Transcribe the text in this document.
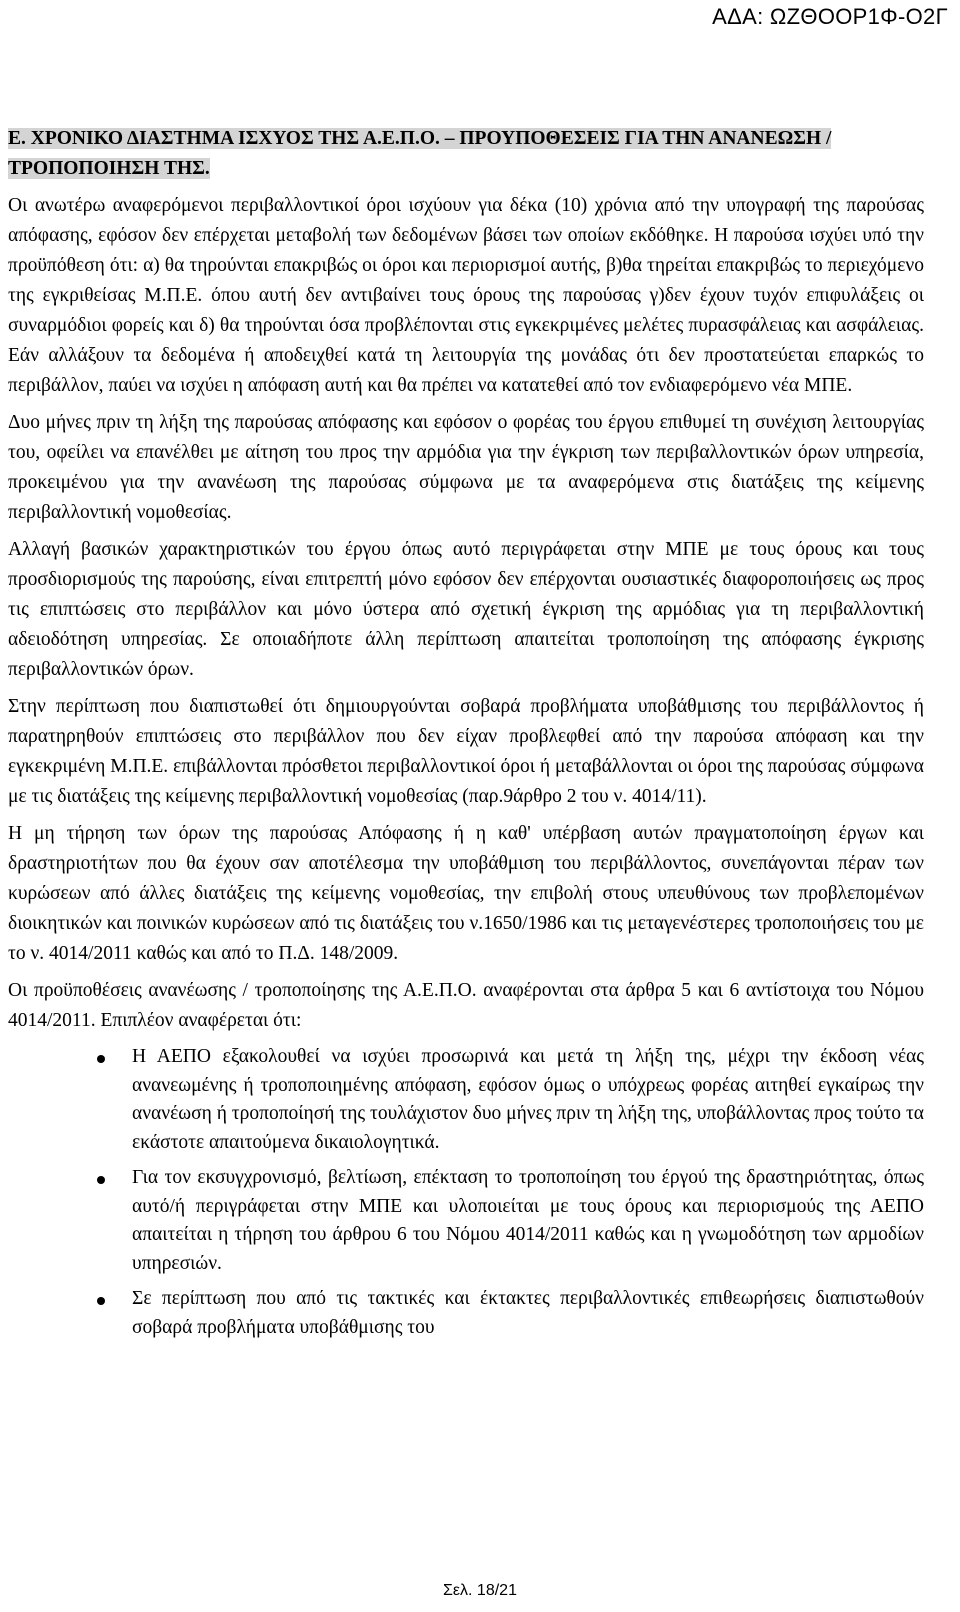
ΑΔΑ: ΩΖΘΟΟΡ1Φ-Ο2Γ

Ε. ΧΡΟΝΙΚΟ ΔΙΑΣΤΗΜΑ ΙΣΧΥΟΣ ΤΗΣ Α.Ε.Π.Ο. – ΠΡΟΥΠΟΘΕΣΕΙΣ ΓΙΑ ΤΗΝ ΑΝΑΝΕΩΣΗ /ΤΡΟΠΟΠΟΙΗΣΗ ΤΗΣ.

Οι ανωτέρω αναφερόμενοι περιβαλλοντικοί όροι ισχύουν για δέκα (10) χρόνια από την υπογραφή της παρούσας απόφασης, εφόσον δεν επέρχεται μεταβολή των δεδομένων βάσει των οποίων εκδόθηκε. Η παρούσα ισχύει υπό την προϋπόθεση ότι: α) θα τηρούνται επακριβώς οι όροι και περιορισμοί αυτής, β)θα τηρείται επακριβώς το περιεχόμενο της εγκριθείσας Μ.Π.Ε. όπου αυτή δεν αντιβαίνει τους όρους της παρούσας γ)δεν έχουν τυχόν επιφυλάξεις οι συναρμόδιοι φορείς και δ) θα τηρούνται όσα προβλέπονται στις εγκεκριμένες μελέτες πυρασφάλειας και ασφάλειας. Εάν αλλάξουν τα δεδομένα ή αποδειχθεί κατά τη λειτουργία της μονάδας ότι δεν προστατεύεται επαρκώς το περιβάλλον, παύει να ισχύει η απόφαση αυτή και θα πρέπει να κατατεθεί από τον ενδιαφερόμενο νέα ΜΠΕ.

Δυο μήνες πριν τη λήξη της παρούσας απόφασης και εφόσον ο φορέας του έργου επιθυμεί τη συνέχιση λειτουργίας του, οφείλει να επανέλθει με αίτηση του προς την αρμόδια για την έγκριση των περιβαλλοντικών όρων υπηρεσία, προκειμένου για την ανανέωση της παρούσας σύμφωνα με τα αναφερόμενα στις διατάξεις της κείμενης περιβαλλοντική νομοθεσίας.

Αλλαγή βασικών χαρακτηριστικών του έργου όπως αυτό περιγράφεται στην ΜΠΕ με τους όρους και τους προσδιορισμούς της παρούσης, είναι επιτρεπτή μόνο εφόσον δεν επέρχονται ουσιαστικές διαφοροποιήσεις ως προς τις επιπτώσεις στο περιβάλλον και μόνο ύστερα από σχετική έγκριση της αρμόδιας για τη περιβαλλοντική αδειοδότηση υπηρεσίας. Σε οποιαδήποτε άλλη περίπτωση απαιτείται τροποποίηση της απόφασης έγκρισης περιβαλλοντικών όρων.

Στην περίπτωση που διαπιστωθεί ότι δημιουργούνται σοβαρά προβλήματα υποβάθμισης του περιβάλλοντος ή παρατηρηθούν επιπτώσεις στο περιβάλλον που δεν είχαν προβλεφθεί από την παρούσα απόφαση και την εγκεκριμένη Μ.Π.Ε. επιβάλλονται πρόσθετοι περιβαλλοντικοί όροι ή μεταβάλλονται οι όροι της παρούσας σύμφωνα με τις διατάξεις της κείμενης περιβαλλοντική νομοθεσίας (παρ.9άρθρο 2 του ν. 4014/11).

Η μη τήρηση των όρων της παρούσας Απόφασης ή η καθ' υπέρβαση αυτών πραγματοποίηση έργων και δραστηριοτήτων που θα έχουν σαν αποτέλεσμα την υποβάθμιση του περιβάλλοντος, συνεπάγονται πέραν των κυρώσεων από άλλες διατάξεις της κείμενης νομοθεσίας, την επιβολή στους υπευθύνους των προβλεπομένων διοικητικών και ποινικών κυρώσεων από τις διατάξεις του ν.1650/1986 και τις μεταγενέστερες τροποποιήσεις του με το ν. 4014/2011 καθώς και από το Π.Δ. 148/2009.

Οι προϋποθέσεις ανανέωσης / τροποποίησης της Α.Ε.Π.Ο. αναφέρονται στα άρθρα 5 και 6 αντίστοιχα του Νόμου 4014/2011. Επιπλέον αναφέρεται ότι:

Η ΑΕΠΟ εξακολουθεί να ισχύει προσωρινά και μετά τη λήξη της, μέχρι την έκδοση νέας ανανεωμένης ή τροποποιημένης απόφαση, εφόσον όμως ο υπόχρεως φορέας αιτηθεί εγκαίρως την ανανέωση ή τροποποίησή της τουλάχιστον δυο μήνες πριν τη λήξη της, υποβάλλοντας προς τούτο τα εκάστοτε απαιτούμενα δικαιολογητικά.
Για τον εκσυγχρονισμό, βελτίωση, επέκταση το τροποποίηση του έργού της δραστηριότητας, όπως αυτό/ή περιγράφεται στην ΜΠΕ και υλοποιείται με τους όρους και περιορισμούς της ΑΕΠΟ απαιτείται η τήρηση του άρθρου 6 του Νόμου 4014/2011 καθώς και η γνωμοδότηση των αρμοδίων υπηρεσιών.
Σε περίπτωση που από τις τακτικές και έκτακτες περιβαλλοντικές επιθεωρήσεις διαπιστωθούν σοβαρά προβλήματα υποβάθμισης του

Σελ. 18/21
